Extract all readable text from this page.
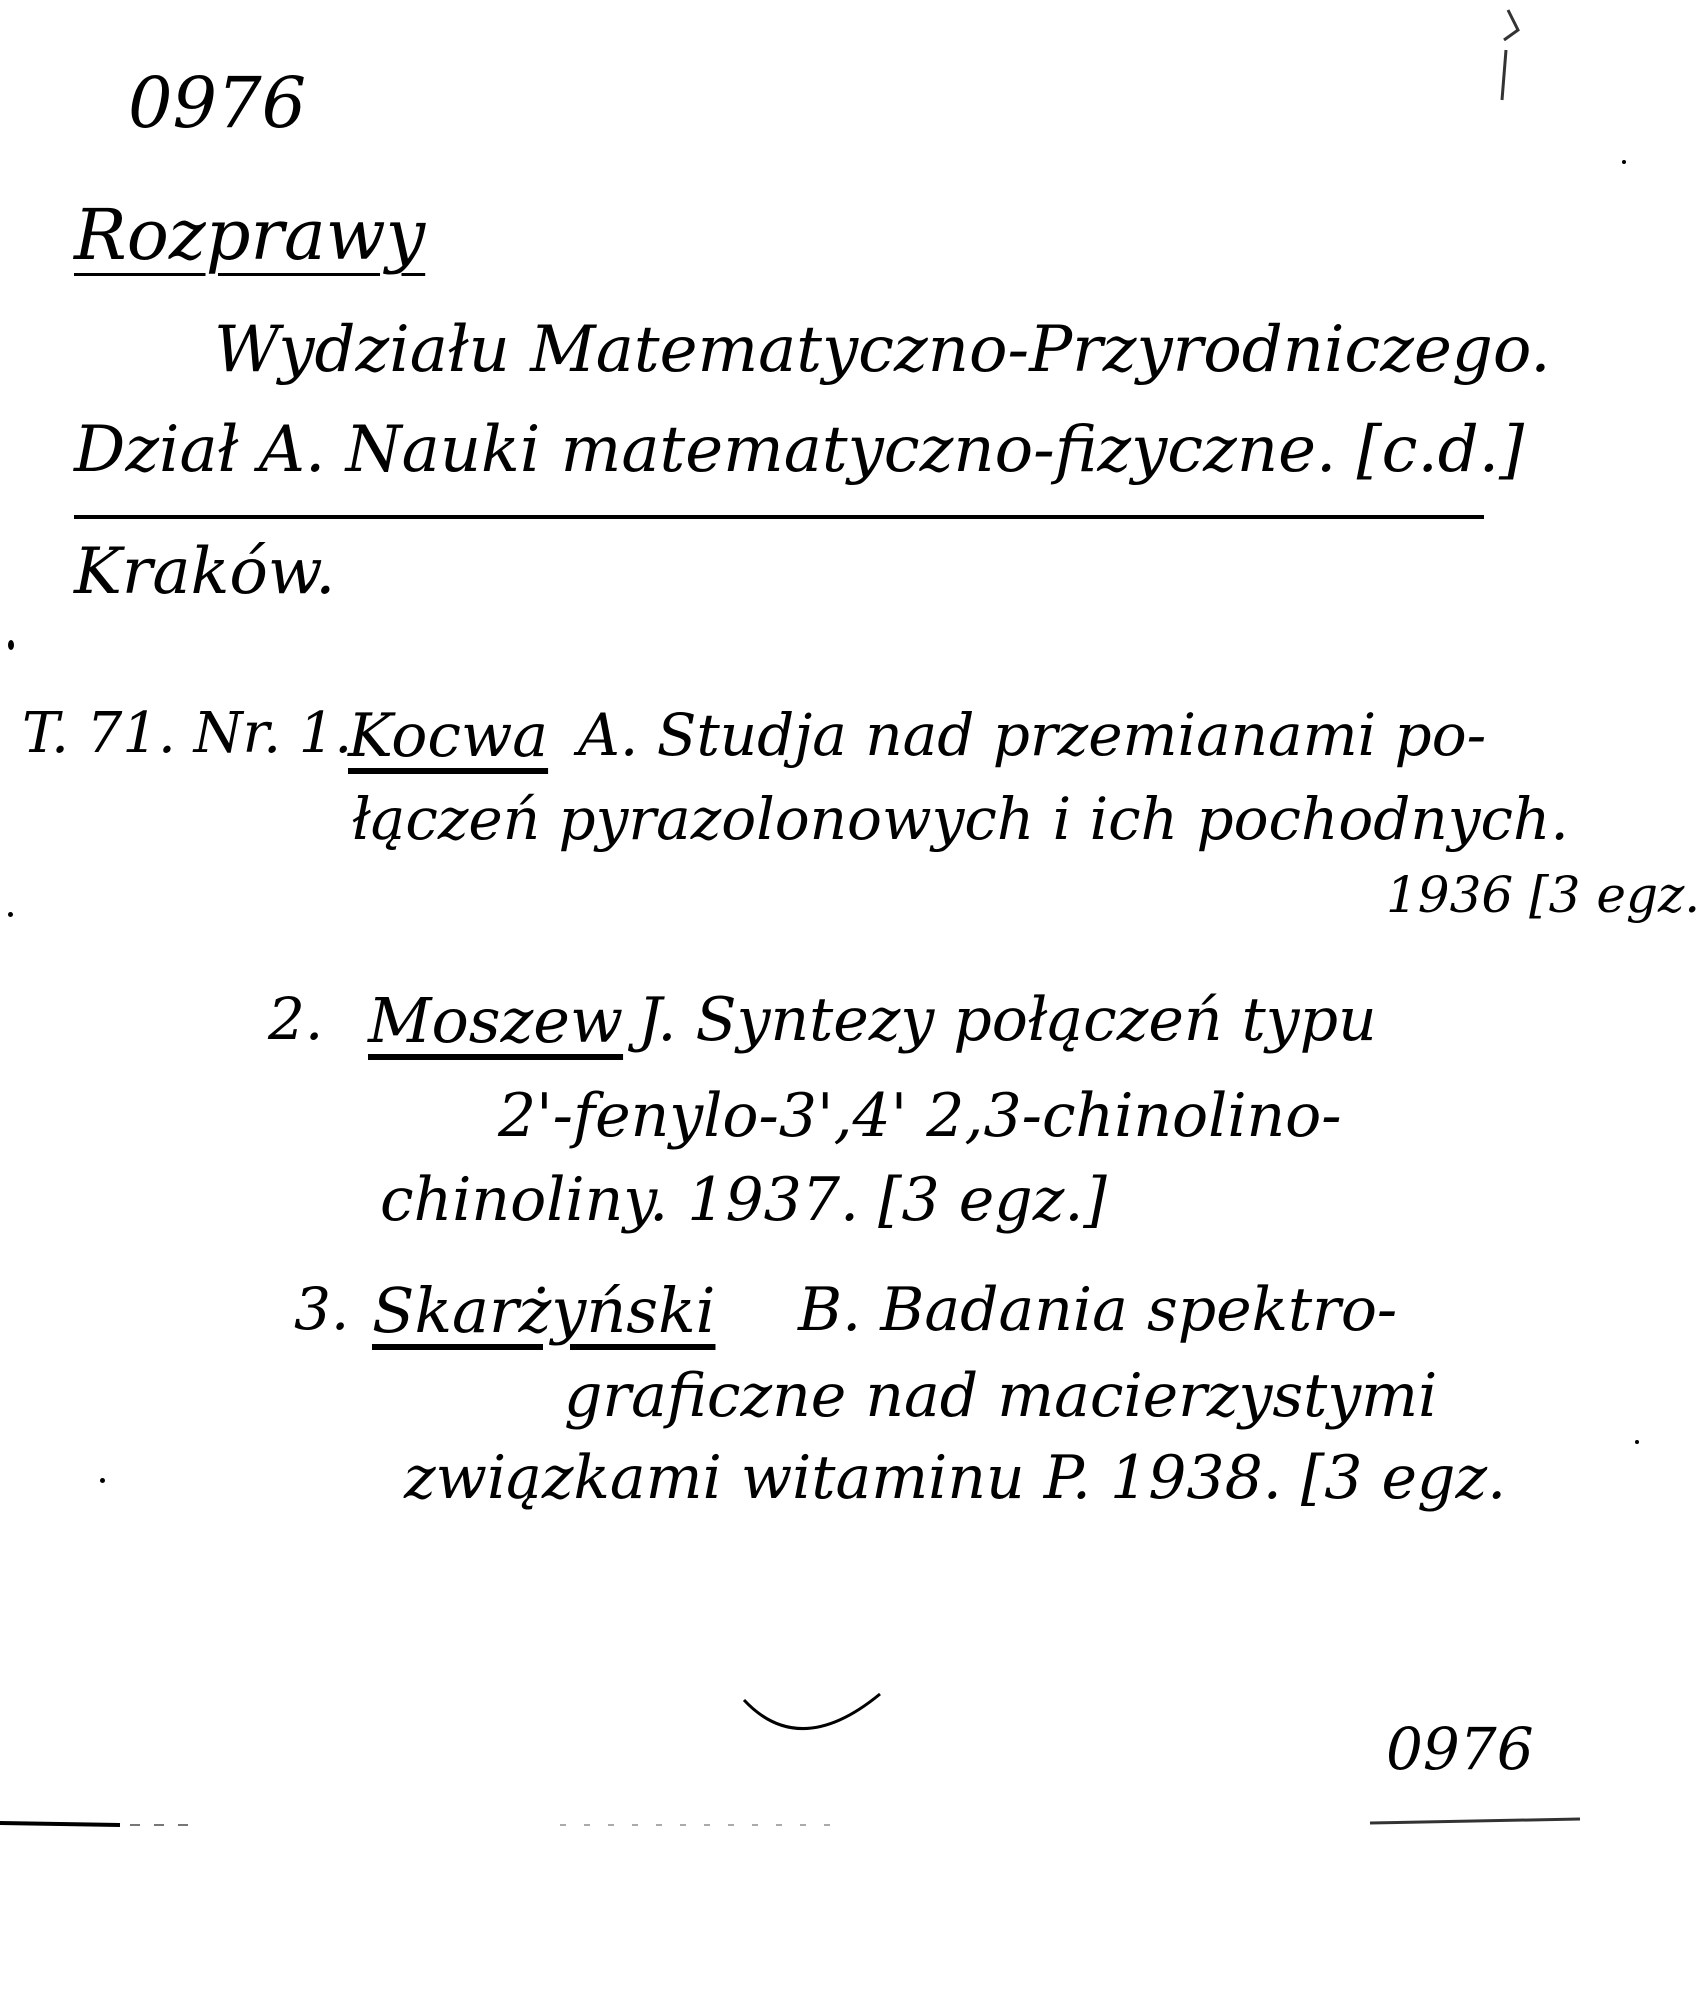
0976
Rozprawy
Wydziału Matematyczno-Przyrodniczego.
Dział A. Nauki matematyczno-fizyczne. [c.d.]
Kraków.
T. 71. Nr. 1.
Kocwa A. Studja nad przemianami po-
łączeń pyrazolonowych i ich pochodnych.
1936 [3 egz.
2. Moszew J. Syntezy połączeń typu
2'-fenylo-3',4' 2,3-chinolino-
chinoliny. 1937. [3 egz.]
3. Skarżyński B. Badania spektro-
graficzne nad macierzystymi
związkami witaminu P. 1938. [3 egz.
0976
